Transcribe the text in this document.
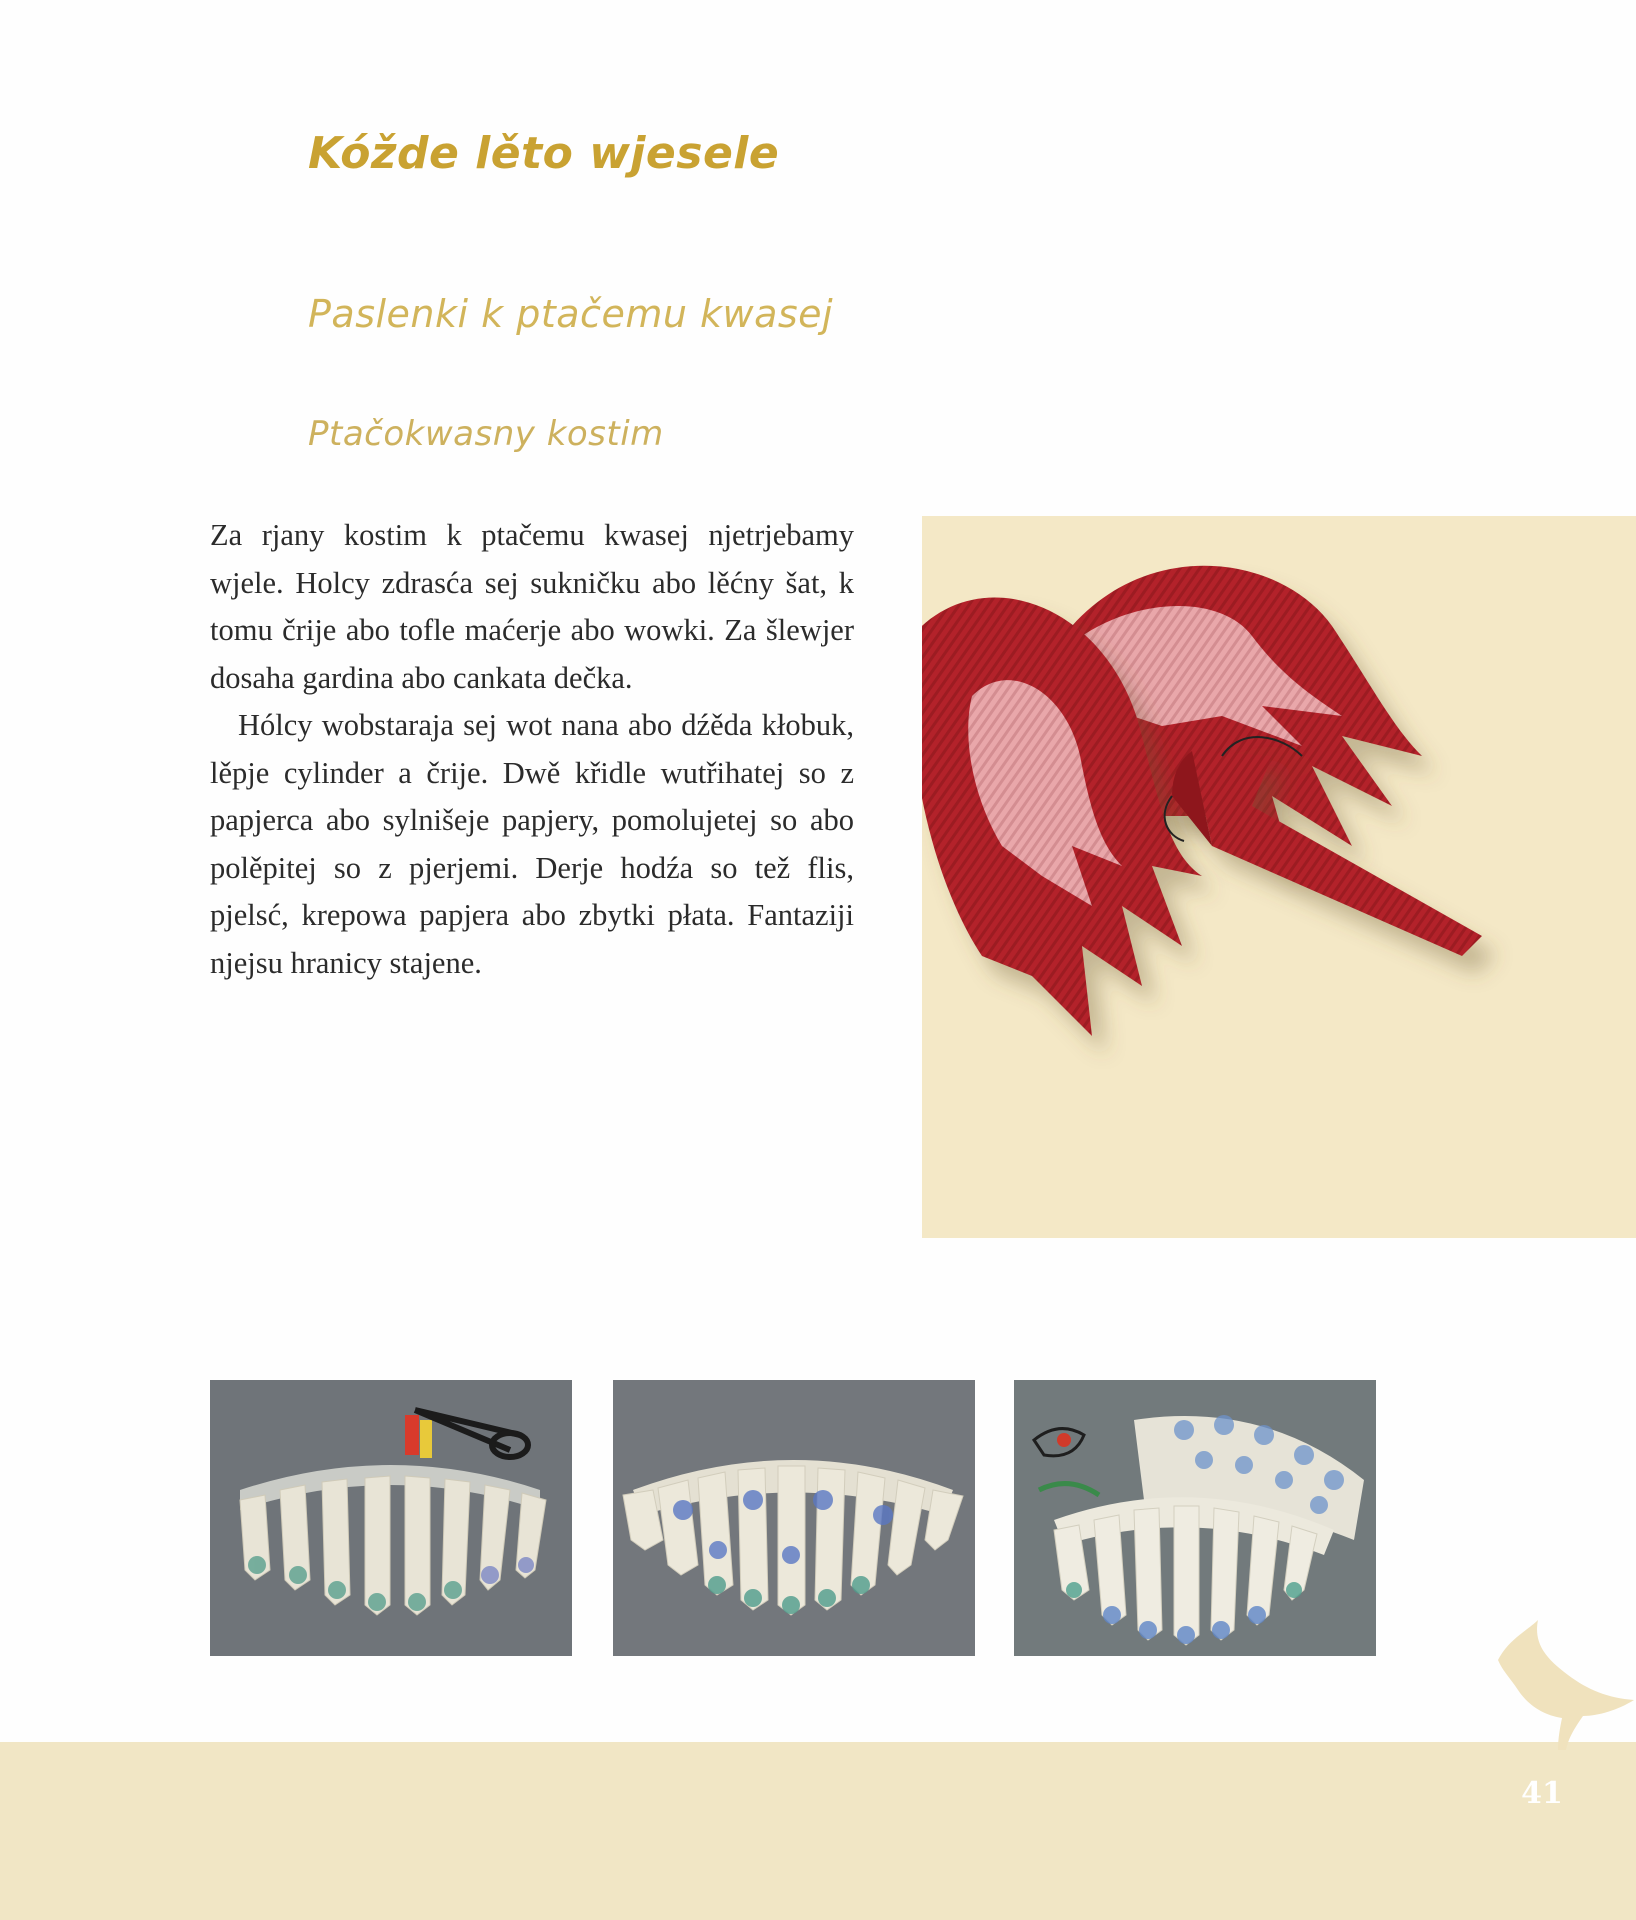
Kóžde lěto wjesele
Paslenki k ptačemu kwasej
Ptačokwasny kostim

Za rjany kostim k ptačemu kwasej njetrjebamy wjele. Holcy zdrasća sej sukničku abo lěćny šat, k tomu črije abo tofle maćerje abo wowki. Za šlewjer dosaha gardina abo cankata dečka.

Hólcy wobstaraja sej wot nana abo dźěda kłobuk, lěpje cylinder a črije. Dwě křidle wutřihatej so z papjerca abo sylnišeje papjery, pomolujetej so abo polěpitej so z pjerjemi. Derje hodźa so tež flis, pjelsć, krepowa papjera abo zbytki płata. Fantaziji njejsu hranicy stajene.

41
